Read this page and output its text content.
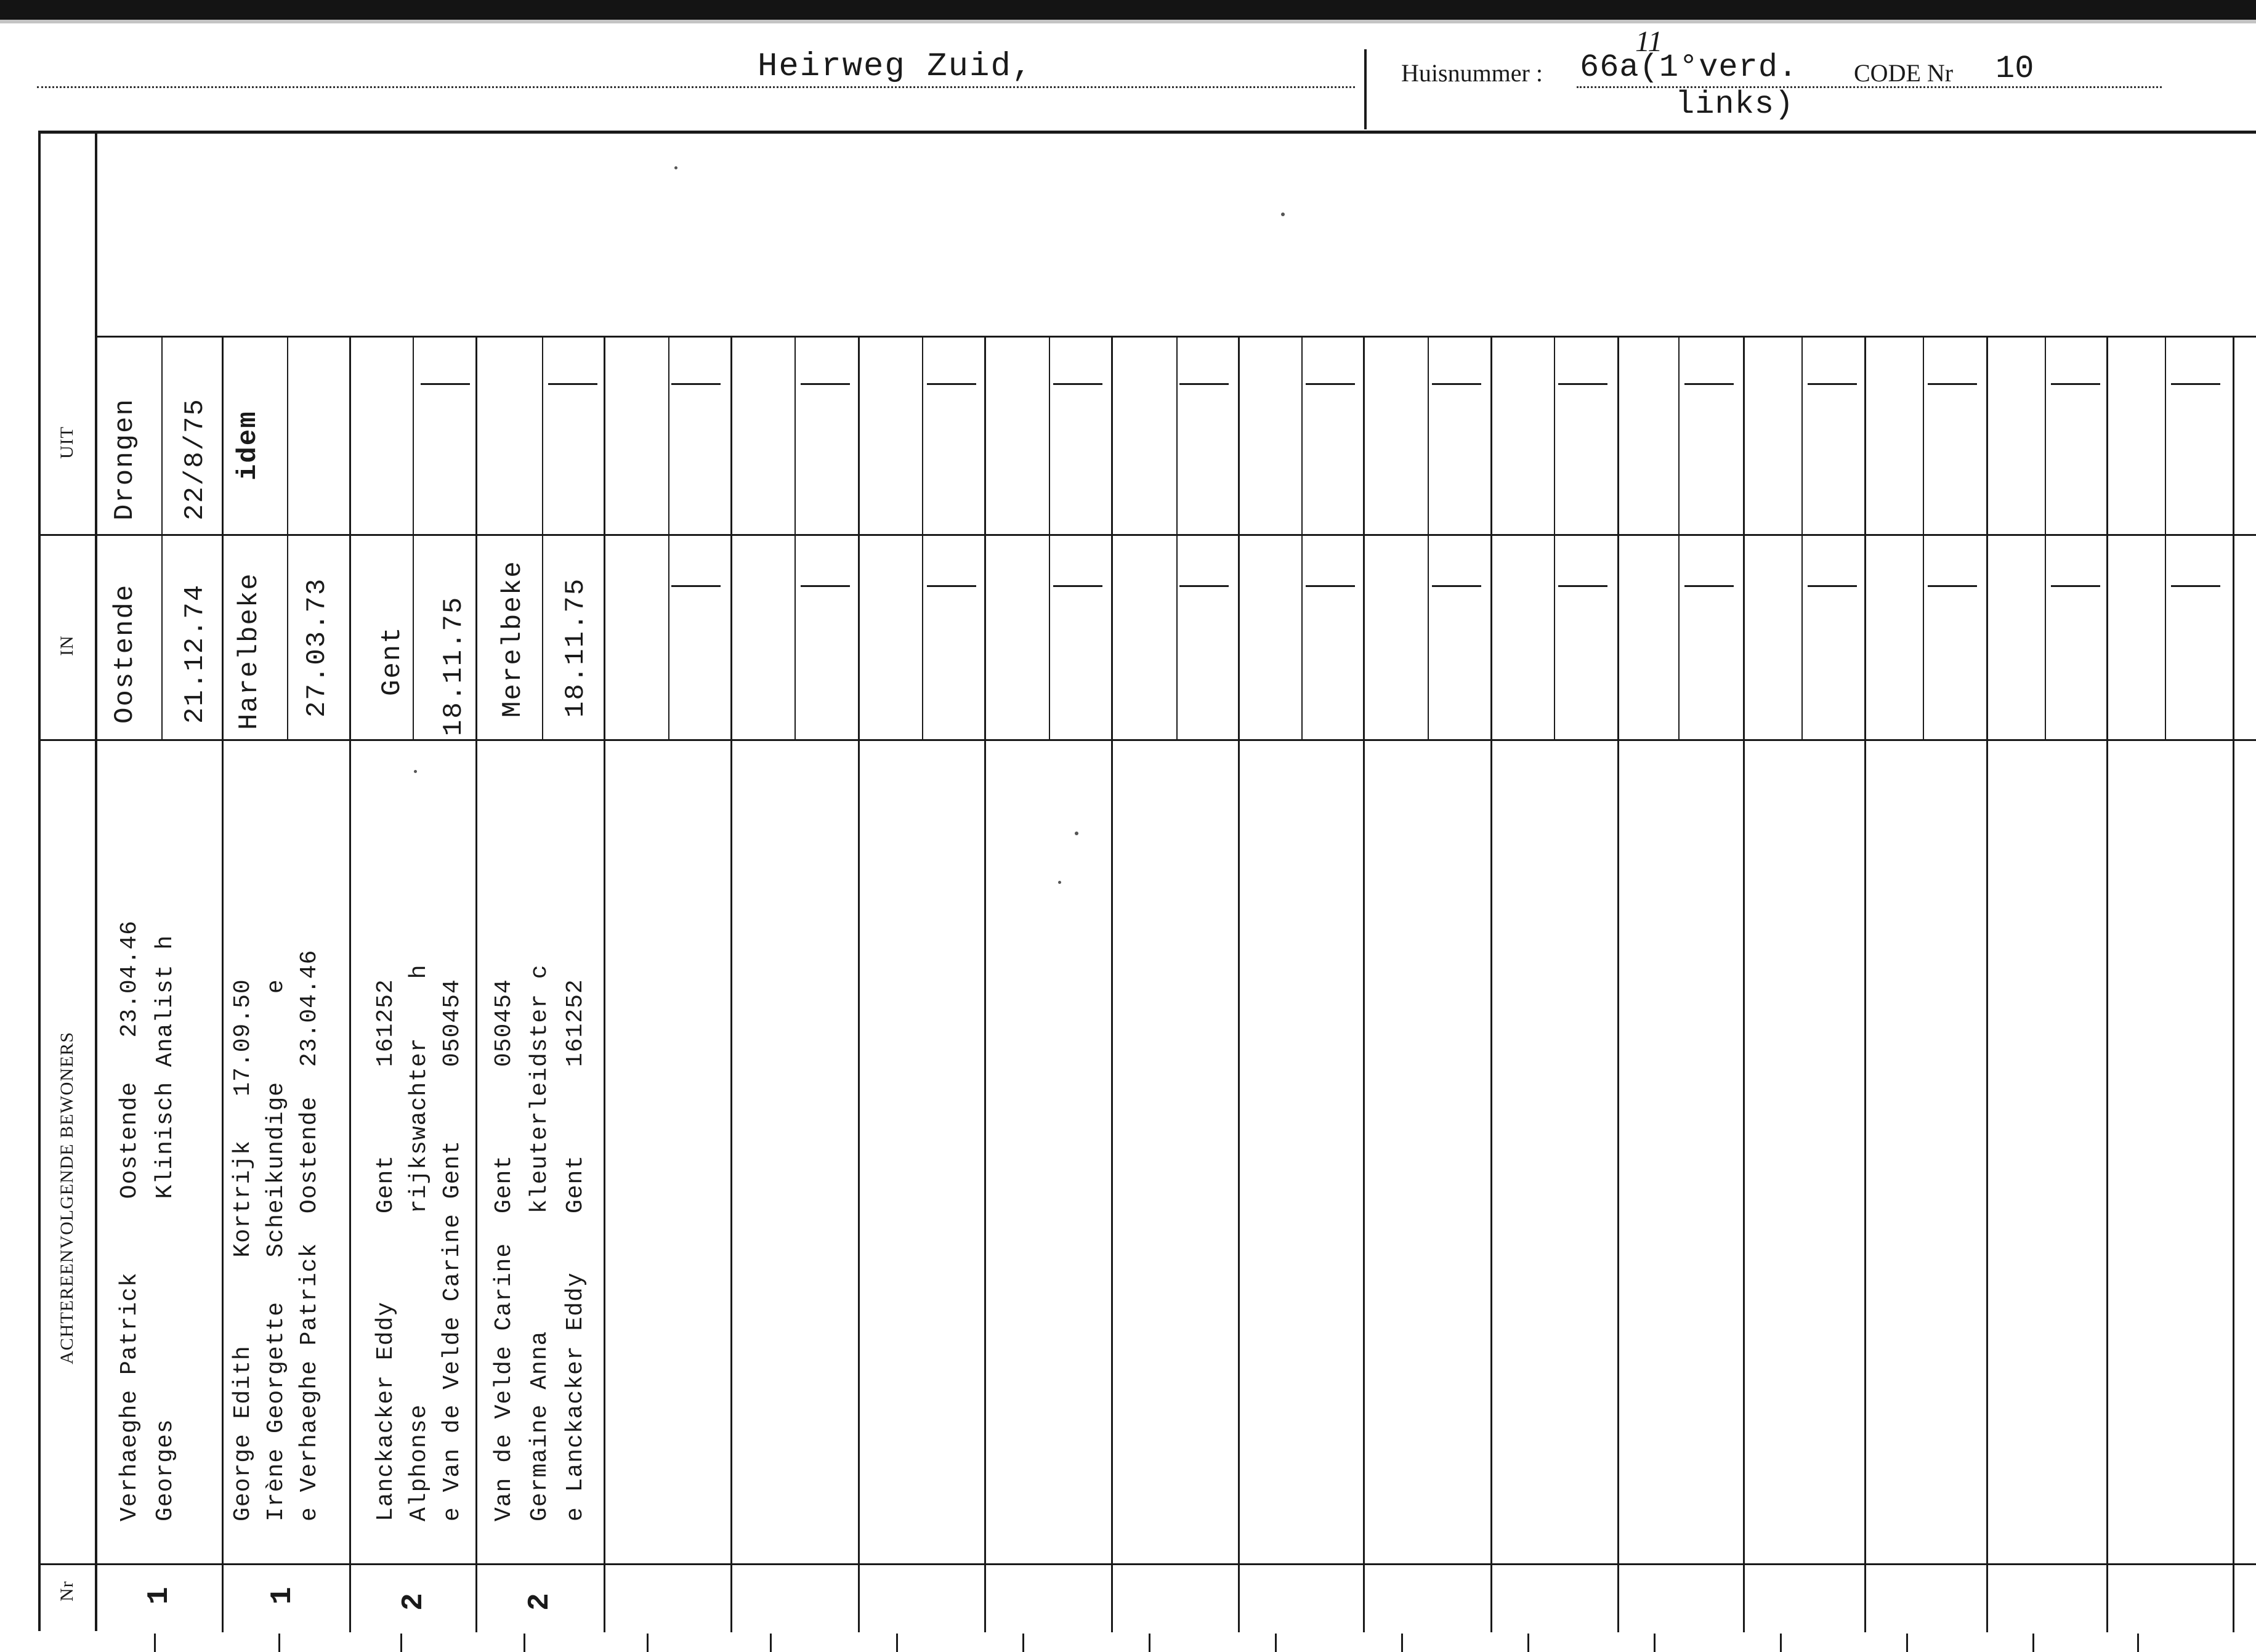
Heirweg Zuid,	Huisnummer :
11
66a(1°verd.
links)
CODE Nr 10
UIT
IN
ACHTEREENVOLGENDE BEWONERS
Nr
Drongen 22/8/75
Oostende 21.12.74
Verhaeghe Patrick     Oostende   23.04.46 Georges               Klinisch Analist h
1
idem
Harelbeke 27.03.73
George Edith      Kortrijk   17.09.50 Irène Georgette   Scheikundige      e e Verhaeghe Patrick  Oostende  23.04.46
1
Gent 18.11.75
Lanckacker Eddy      Gent      161252 Alphonse             rijkswachter    h e Van de Velde Carine Gent     050454
2
Merelbeke 18.11.75
Van de Velde Carine  Gent      050454 Germaine Anna        kleuterleidster c e Lanckacker Eddy    Gent      161252
2
